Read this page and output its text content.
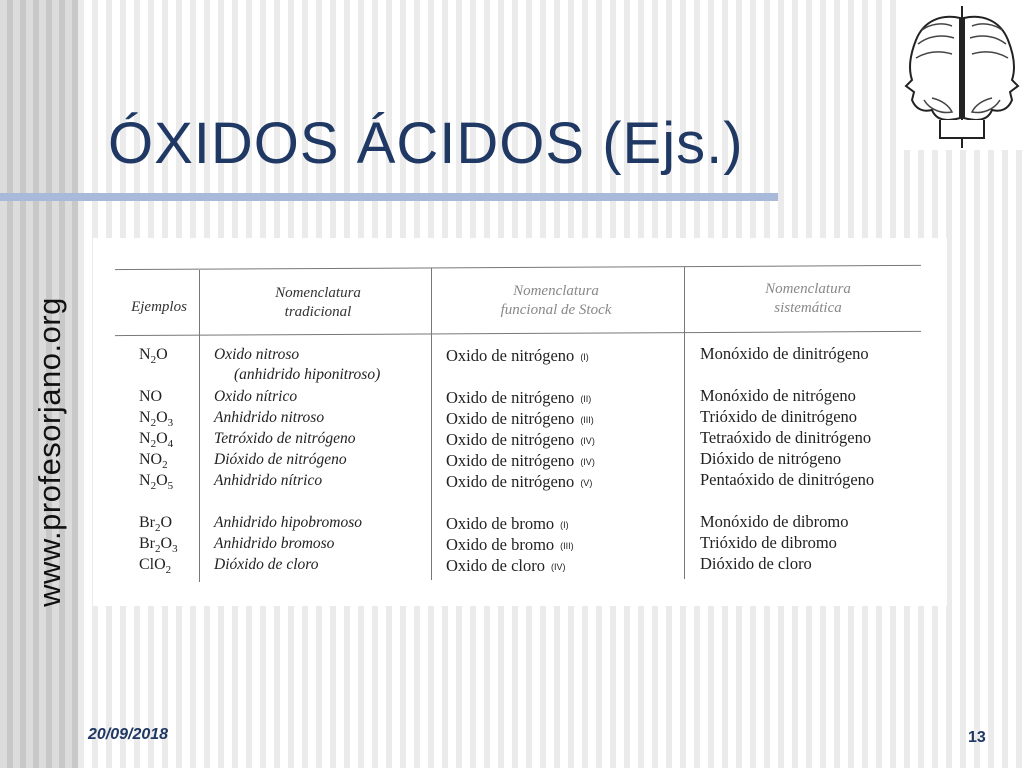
www.profesorjano.org
ÓXIDOS ÁCIDOS (Ejs.)
Ejemplos
Nomenclatura
tradicional
Nomenclatura
funcional de Stock
Nomenclatura
sistemática
$N_2O$
NO
$N_2O_3$
$N_2O_4$
$NO_2$
$N_2O_5$
$Br_2O$
$Br_2O_3$
ClO$_2$
Oxido nitroso
(anhidrido hiponitroso)
Oxido nítrico
Anhidrido nitroso
Tetróxido de nitrógeno
Dióxido de nitrógeno
Anhidrido nítrico
Anhidrido hipobromoso
Anhidrido bromoso
Dióxido de cloro
Oxido de nitrógeno (I)
Oxido de nitrógeno (II)
Oxido de nitrógeno (III)
Oxido de nitrógeno (IV)
Oxido de nitrógeno (IV)
Oxido de nitrógeno (V)
Oxido de bromo (I)
Oxido de bromo (III)
Oxido de cloro (IV)
Monóxido de dinitrógeno
Monóxido de nitrógeno
Trióxido de dinitrógeno
Tetraóxido de dinitrógeno
Dióxido de nitrógeno
Pentaóxido de dinitrógeno
Monóxido de dibromo
Trióxido de dibromo
Dióxido de cloro
20/09/2018	13
